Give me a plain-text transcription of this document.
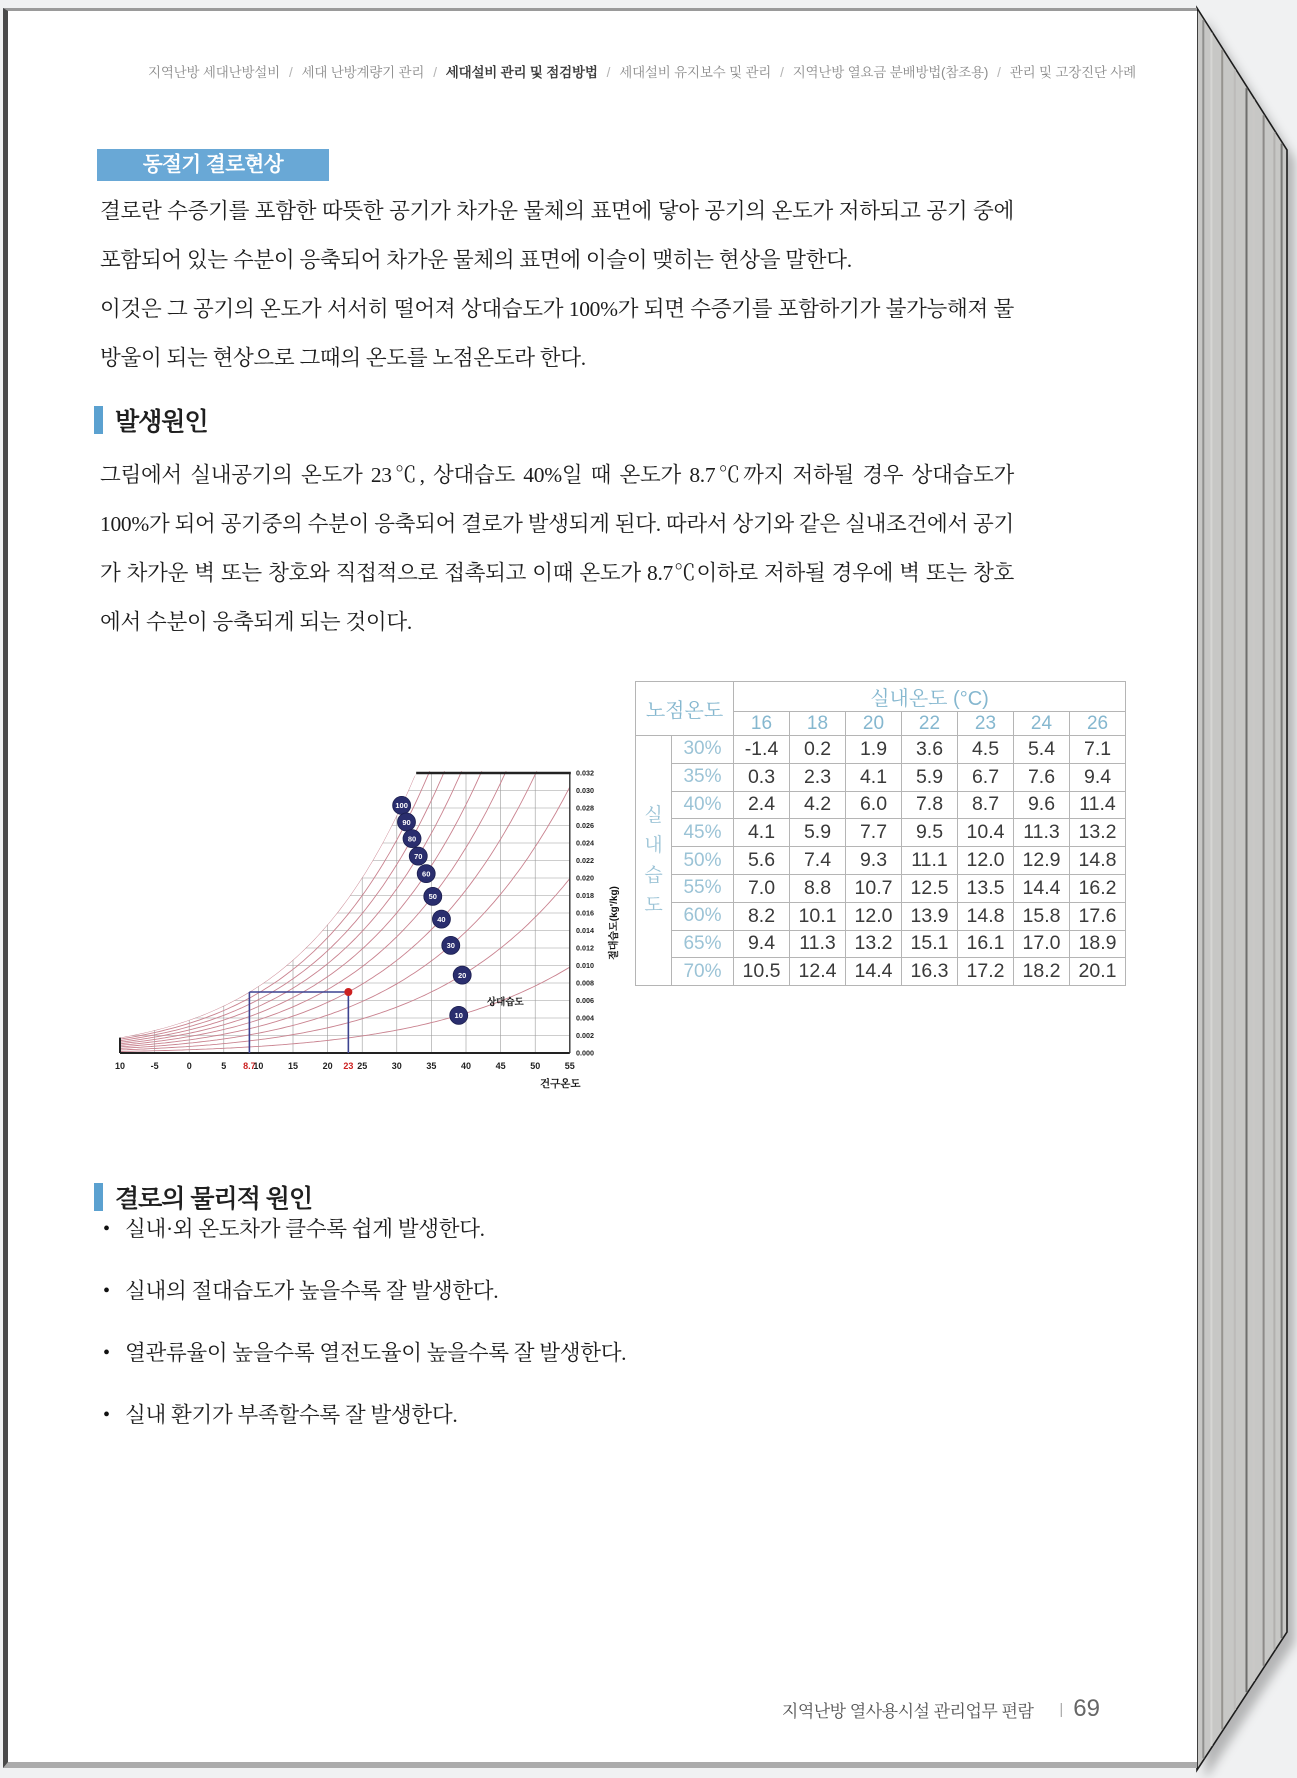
지역난방 세대난방설비 / 세대 난방계량기 관리 / 세대설비 관리 및 점검방법 / 세대설비 유지보수 및 관리 / 지역난방 열요금 분배방법(참조용) / 관리 및 고장진단 사례
동절기 결로현상

결로란 수증기를 포함한 따뜻한 공기가 차가운 물체의 표면에 닿아 공기의 온도가 저하되고 공기 중에 포함되어 있는 수분이 응축되어 차가운 물체의 표면에 이슬이 맺히는 현상을 말한다.

이것은 그 공기의 온도가 서서히 떨어져 상대습도가 100%가 되면 수증기를 포함하기가 불가능해져 물방울이 되는 현상으로 그때의 온도를 노점온도라 한다.

발생원인

그림에서 실내공기의 온도가 23℃, 상대습도 40%일 때 온도가 8.7℃까지 저하될 경우 상대습도가 100%가 되어 공기중의 수분이 응축되어 결로가 발생되게 된다. 따라서 상기와 같은 실내조건에서 공기가 차가운 벽 또는 창호와 직접적으로 접촉되고 이때 온도가 8.7℃이하로 저하될 경우에 벽 또는 창호에서 수분이 응축되게 되는 것이다.

100
90
80
70
60
50
40
30
20
10
상대습도
10	-5	0	5 8.7
10	15	20 23 25	30	35	40	45	50	55
건구온도
0.000
0.002
0.004
0.006
0.008
0.010
0.012
0.014
0.016
0.018
0.020
0.022
0.024
0.026
0.028
0.030
0.032
절대습도(kg'/kg)
노점온도		실내온도 (°C)						
		16	18	20	22	23	24	26
실
내
습
도	30%	-1.4	0.2	1.9	3.6	4.5	5.4	7.1
	35%	0.3	2.3	4.1	5.9	6.7	7.6	9.4
	40%	2.4	4.2	6.0	7.8	8.7	9.6	11.4
	45%	4.1	5.9	7.7	9.5	10.4	11.3	13.2
	50%	5.6	7.4	9.3	11.1	12.0	12.9	14.8
	55%	7.0	8.8	10.7	12.5	13.5	14.4	16.2
	60%	8.2	10.1	12.0	13.9	14.8	15.8	17.6
	65%	9.4	11.3	13.2	15.1	16.1	17.0	18.9
	70%	10.5	12.4	14.4	16.3	17.2	18.2	20.1
결로의 물리적 원인
• 실내·외 온도차가 클수록 쉽게 발생한다.
• 실내의 절대습도가 높을수록 잘 발생한다.
• 열관류율이 높을수록 열전도율이 높을수록 잘 발생한다.
• 실내 환기가 부족할수록 잘 발생한다.
지역난방 열사용시설 관리업무 편람 | 69
